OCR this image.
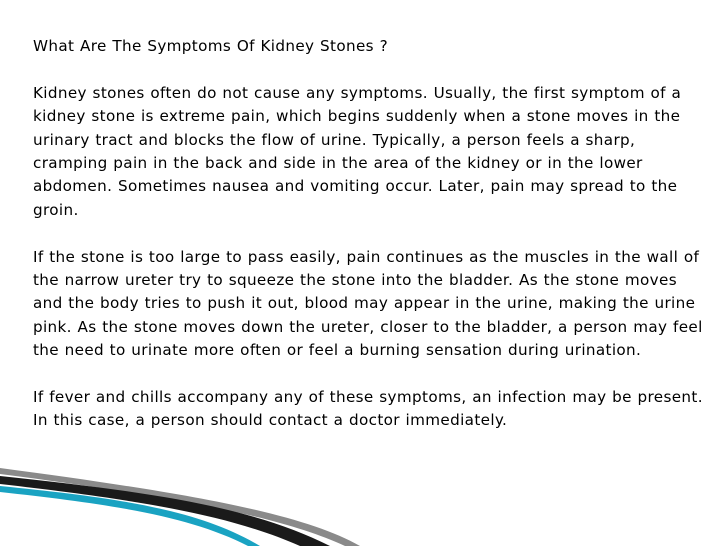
What Are The Symptoms Of Kidney Stones ?

Kidney stones often do not cause any symptoms. Usually, the first symptom of a kidney stone is extreme pain, which begins suddenly when a stone moves in the urinary tract and blocks the flow of urine. Typically, a person feels a sharp, cramping pain in the back and side in the area of the kidney or in the lower abdomen. Sometimes nausea and vomiting occur. Later, pain may spread to the groin.

If the stone is too large to pass easily, pain continues as the muscles in the wall of the narrow ureter try to squeeze the stone into the bladder. As the stone moves and the body tries to push it out, blood may appear in the urine, making the urine pink. As the stone moves down the ureter, closer to the bladder, a person may feel the need to urinate more often or feel a burning sensation during urination.

If fever and chills accompany any of these symptoms, an infection may be present. In this case, a person should contact a doctor immediately.
